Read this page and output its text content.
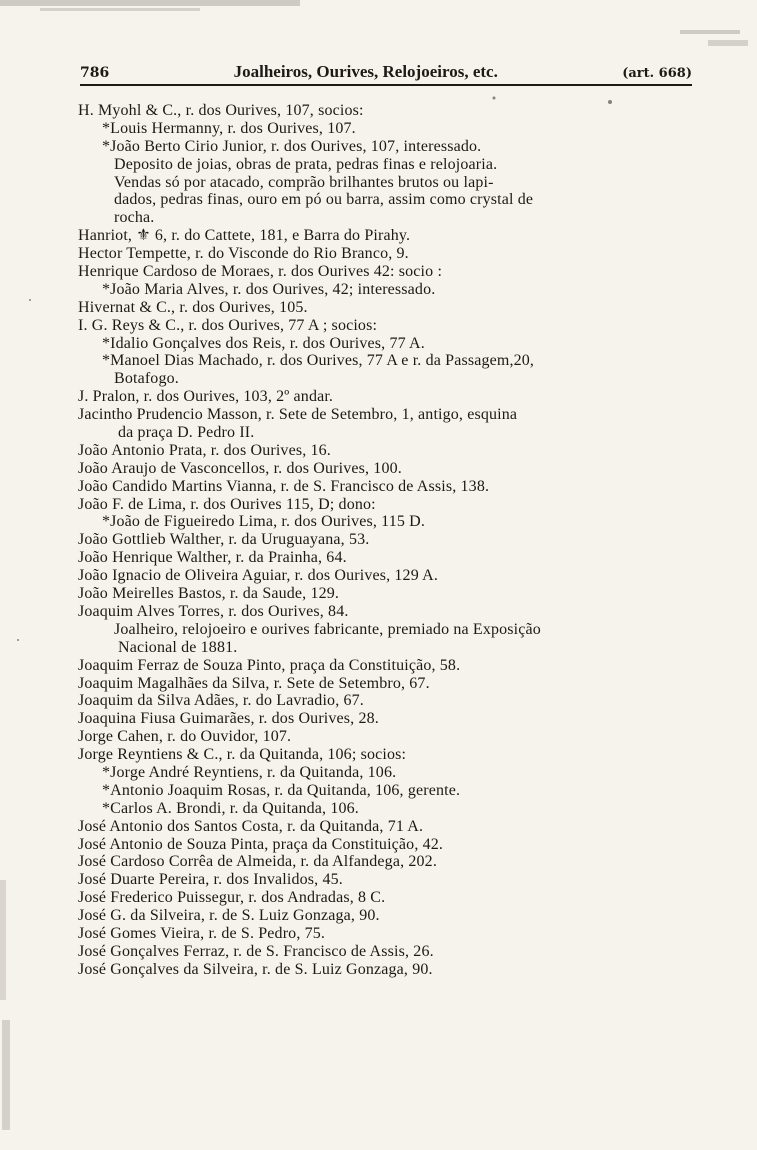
786	Joalheiros, Ourives, Relojoeiros, etc.	(art. 668)
H. Myohl & C., r. dos Ourives, 107, socios:
*Louis Hermanny, r. dos Ourives, 107.
*João Berto Cirio Junior, r. dos Ourives, 107, interessado.
Deposito de joias, obras de prata, pedras finas e relojoaria.
Vendas só por atacado, comprão brilhantes brutos ou lapi-
dados, pedras finas, ouro em pó ou barra, assim como crystal de
rocha.
Hanriot, ⚜ 6, r. do Cattete, 181, e Barra do Pirahy.
Hector Tempette, r. do Visconde do Rio Branco, 9.
Henrique Cardoso de Moraes, r. dos Ourives 42: socio :
*João Maria Alves, r. dos Ourives, 42; interessado.
Hivernat & C., r. dos Ourives, 105.
I. G. Reys & C., r. dos Ourives, 77 A ; socios:
*Idalio Gonçalves dos Reis, r. dos Ourives, 77 A.
*Manoel Dias Machado, r. dos Ourives, 77 A e r. da Passagem,20,
Botafogo.
J. Pralon, r. dos Ourives, 103, 2º andar.
Jacintho Prudencio Masson, r. Sete de Setembro, 1, antigo, esquina
da praça D. Pedro II.
João Antonio Prata, r. dos Ourives, 16.
João Araujo de Vasconcellos, r. dos Ourives, 100.
João Candido Martins Vianna, r. de S. Francisco de Assis, 138.
João F. de Lima, r. dos Ourives 115, D; dono:
*João de Figueiredo Lima, r. dos Ourives, 115 D.
João Gottlieb Walther, r. da Uruguayana, 53.
João Henrique Walther, r. da Prainha, 64.
João Ignacio de Oliveira Aguiar, r. dos Ourives, 129 A.
João Meirelles Bastos, r. da Saude, 129.
Joaquim Alves Torres, r. dos Ourives, 84.
Joalheiro, relojoeiro e ourives fabricante, premiado na Exposição
Nacional de 1881.
Joaquim Ferraz de Souza Pinto, praça da Constituição, 58.
Joaquim Magalhães da Silva, r. Sete de Setembro, 67.
Joaquim da Silva Adães, r. do Lavradio, 67.
Joaquina Fiusa Guimarães, r. dos Ourives, 28.
Jorge Cahen, r. do Ouvidor, 107.
Jorge Reyntiens & C., r. da Quitanda, 106; socios:
*Jorge André Reyntiens, r. da Quitanda, 106.
*Antonio Joaquim Rosas, r. da Quitanda, 106, gerente.
*Carlos A. Brondi, r. da Quitanda, 106.
José Antonio dos Santos Costa, r. da Quitanda, 71 A.
José Antonio de Souza Pinta, praça da Constituição, 42.
José Cardoso Corrêa de Almeida, r. da Alfandega, 202.
José Duarte Pereira, r. dos Invalidos, 45.
José Frederico Puissegur, r. dos Andradas, 8 C.
José G. da Silveira, r. de S. Luiz Gonzaga, 90.
José Gomes Vieira, r. de S. Pedro, 75.
José Gonçalves Ferraz, r. de S. Francisco de Assis, 26.
José Gonçalves da Silveira, r. de S. Luiz Gonzaga, 90.
